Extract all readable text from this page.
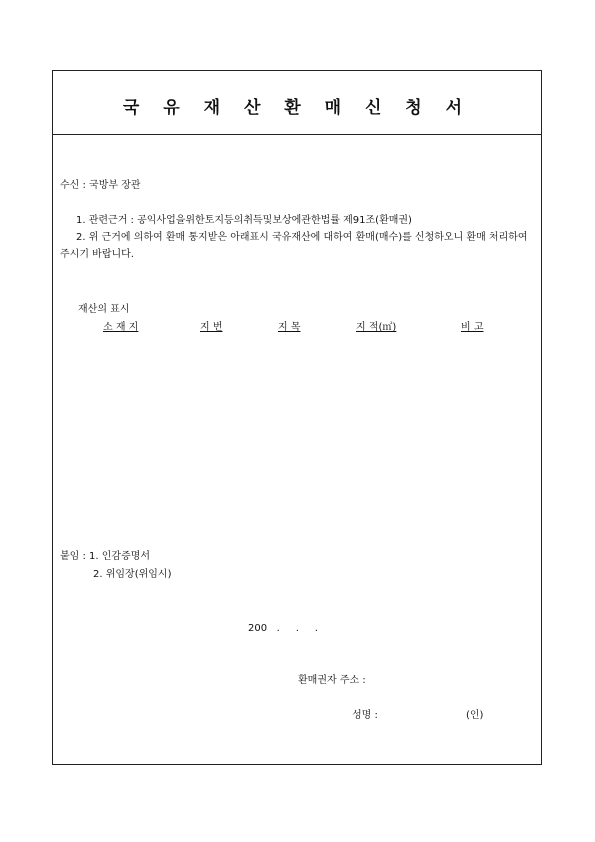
국 유 재 산 환 매 신 청 서
수신 : 국방부 장관
1. 관련근거 : 공익사업을위한토지등의취득및보상에관한법률 제91조(환매권)
2. 위 근거에 의하여 환매 통지받은 아래표시 국유재산에 대하여 환매(매수)를 신청하오니 환매 처리하여 주시기 바랍니다.
재산의 표시
소 재 지	지 번	지 목	지 적(㎡)	비 고
붙임 : 1. 인감증명서
2. 위임장(위임시)
200   .     .     .
환매권자 주소 :
성명 :	(인)
